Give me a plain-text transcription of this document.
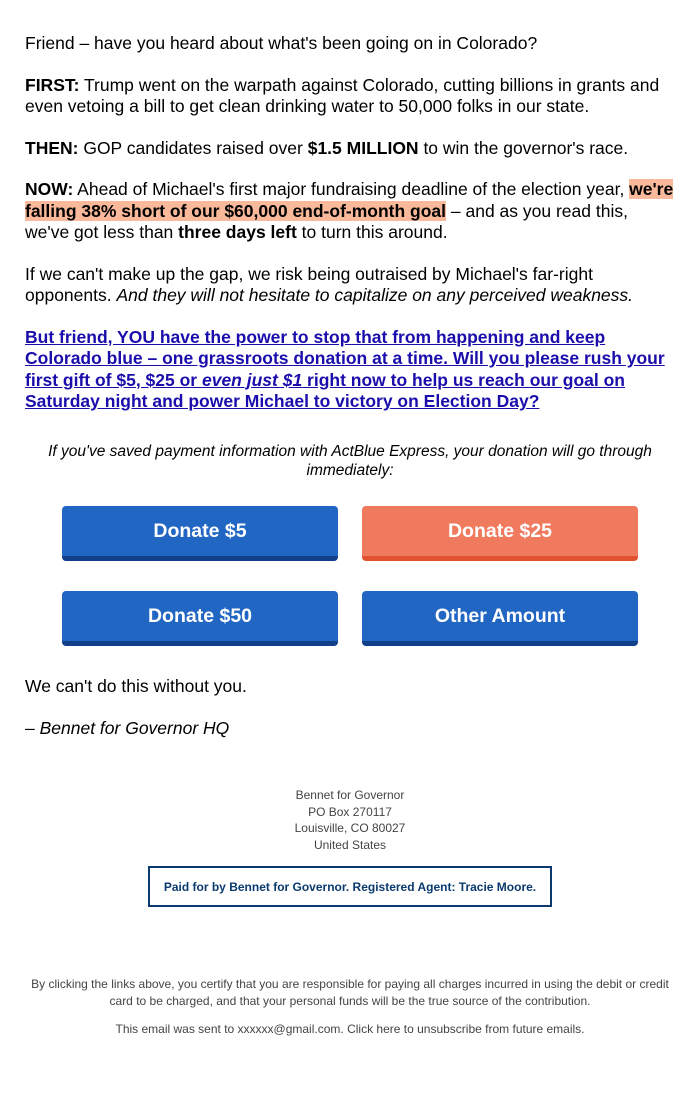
Friend – have you heard about what's been going on in Colorado?

FIRST: Trump went on the warpath against Colorado, cutting billions in grants and even vetoing a bill to get clean drinking water to 50,000 folks in our state.

THEN: GOP candidates raised over $1.5 MILLION to win the governor's race.

NOW: Ahead of Michael's first major fundraising deadline of the election year, we're falling 38% short of our $60,000 end-of-month goal – and as you read this, we've got less than three days left to turn this around.

If we can't make up the gap, we risk being outraised by Michael's far-right opponents. And they will not hesitate to capitalize on any perceived weakness.

But friend, YOU have the power to stop that from happening and keep Colorado blue – one grassroots donation at a time. Will you please rush your first gift of $5, $25 or even just $1 right now to help us reach our goal on Saturday night and power Michael to victory on Election Day?

If you've saved payment information with ActBlue Express, your donation will go through immediately:
Donate $5	Donate $25
Donate $50	Other Amount
We can't do this without you.
– Bennet for Governor HQ
Bennet for Governor
PO Box 270117
Louisville, CO 80027
United States
Paid for by Bennet for Governor. Registered Agent: Tracie Moore.
By clicking the links above, you certify that you are responsible for paying all charges incurred in using the debit or credit card to be charged, and that your personal funds will be the true source of the contribution.
This email was sent to xxxxxx@gmail.com. Click here to unsubscribe from future emails.
